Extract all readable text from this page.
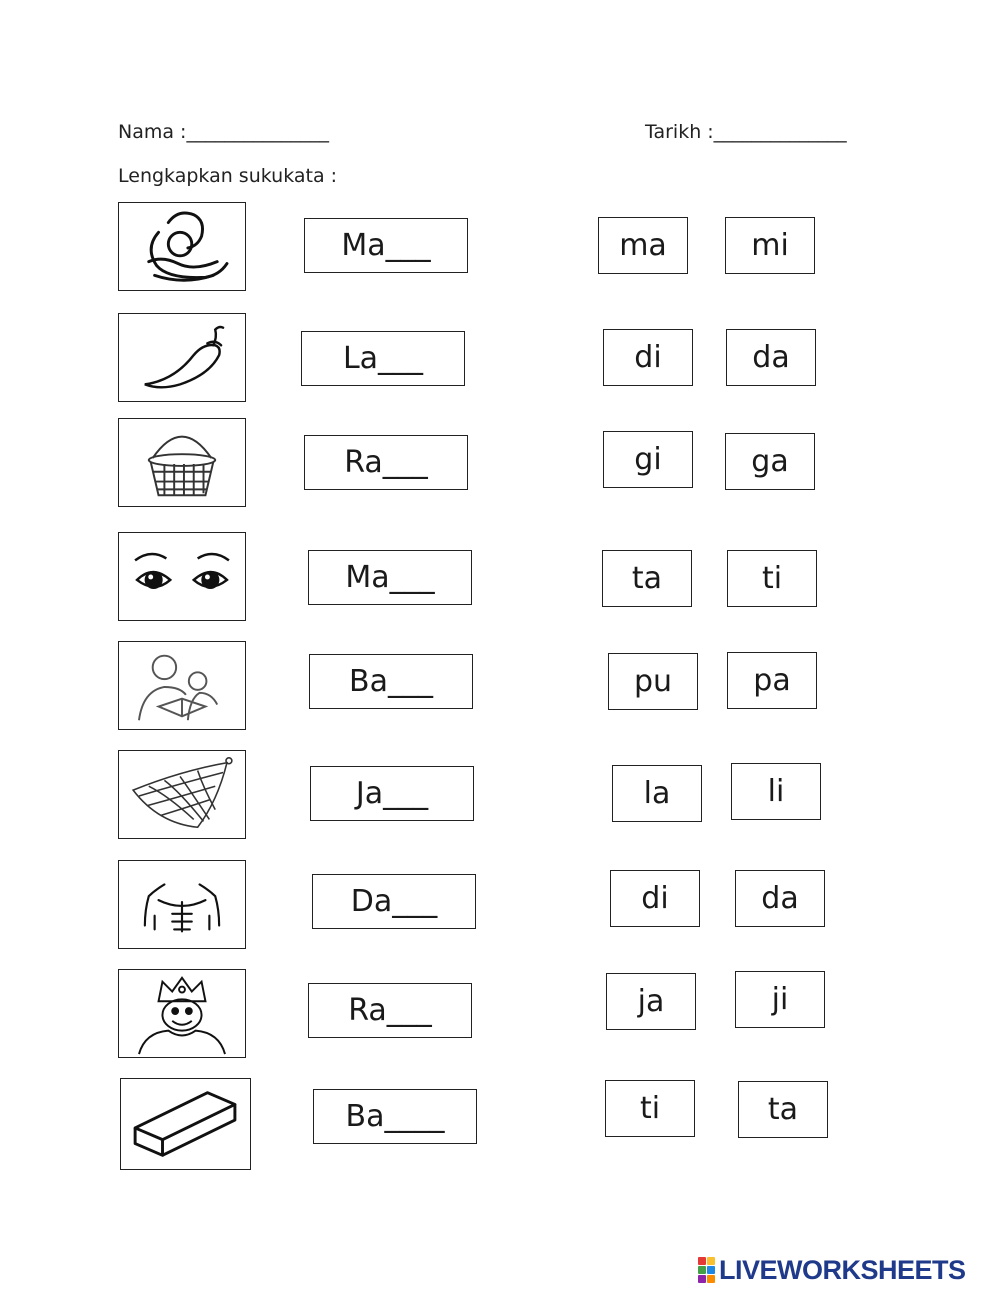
Nama :_______________	Tarikh :______________
Lengkapkan sukukata :
Ma___	ma	mi
La___	di	da
Ra___	gi	ga
Ma___	ta	ti
Ba___	pu	pa
Ja___	la	li
Da___	di	da
Ra___	ja	ji
Ba____	ti	ta
LIVEWORKSHEETS
